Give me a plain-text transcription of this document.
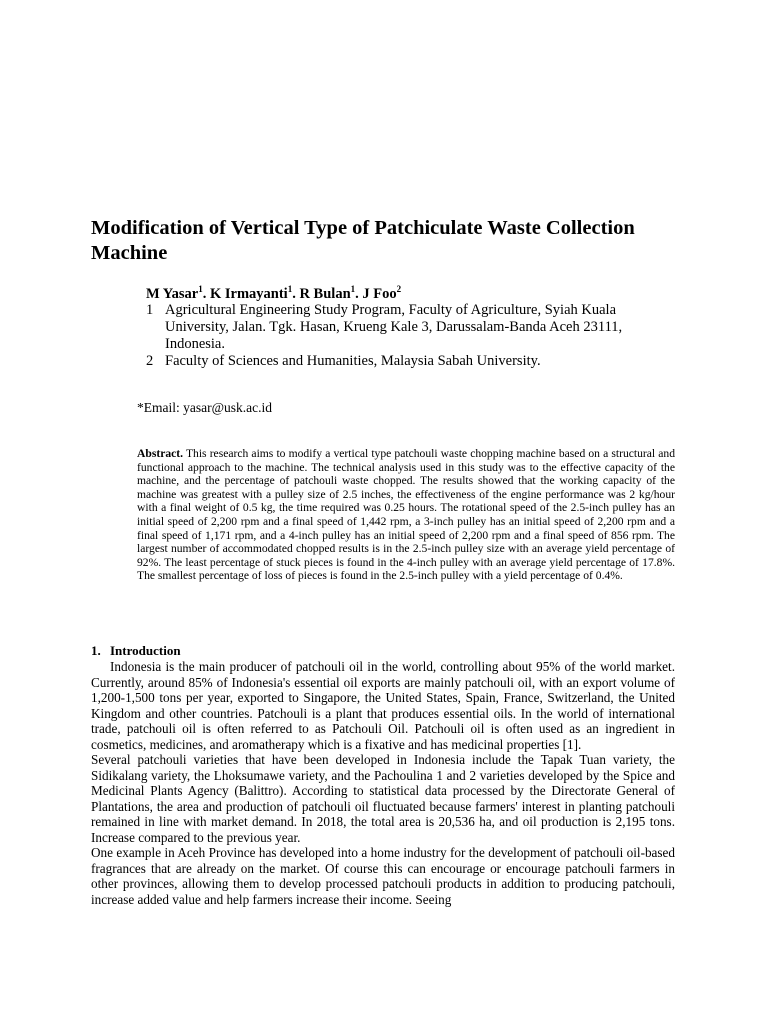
Modification of Vertical Type of Patchiculate Waste Collection Machine
M Yasar$^1$. K Irmayanti$^1$. R Bulan$^1$. J Foo$^2$
1 Agricultural Engineering Study Program, Faculty of Agriculture, Syiah Kuala University, Jalan. Tgk. Hasan, Krueng Kale 3, Darussalam-Banda Aceh 23111, Indonesia.
2 Faculty of Sciences and Humanities, Malaysia Sabah University.
*Email: yasar@usk.ac.id

Abstract. This research aims to modify a vertical type patchouli waste chopping machine based on a structural and functional approach to the machine. The technical analysis used in this study was to the effective capacity of the machine, and the percentage of patchouli waste chopped. The results showed that the working capacity of the machine was greatest with a pulley size of 2.5 inches, the effectiveness of the engine performance was 2 kg/hour with a final weight of 0.5 kg, the time required was 0.25 hours. The rotational speed of the 2.5-inch pulley has an initial speed of 2,200 rpm and a final speed of 1,442 rpm, a 3-inch pulley has an initial speed of 2,200 rpm and a final speed of 1,171 rpm, and a 4-inch pulley has an initial speed of 2,200 rpm and a final speed of 856 rpm. The largest number of accommodated chopped results is in the 2.5-inch pulley size with an average yield percentage of 92%. The least percentage of stuck pieces is found in the 4-inch pulley with an average yield percentage of 17.8%. The smallest percentage of loss of pieces is found in the 2.5-inch pulley with a yield percentage of 0.4%.

1. Introduction

Indonesia is the main producer of patchouli oil in the world, controlling about 95% of the world market. Currently, around 85% of Indonesia's essential oil exports are mainly patchouli oil, with an export volume of 1,200-1,500 tons per year, exported to Singapore, the United States, Spain, France, Switzerland, the United Kingdom and other countries. Patchouli is a plant that produces essential oils. In the world of international trade, patchouli oil is often referred to as Patchouli Oil. Patchouli oil is often used as an ingredient in cosmetics, medicines, and aromatherapy which is a fixative and has medicinal properties [1].

Several patchouli varieties that have been developed in Indonesia include the Tapak Tuan variety, the Sidikalang variety, the Lhoksumawe variety, and the Pachoulina 1 and 2 varieties developed by the Spice and Medicinal Plants Agency (Balittro). According to statistical data processed by the Directorate General of Plantations, the area and production of patchouli oil fluctuated because farmers' interest in planting patchouli remained in line with market demand. In 2018, the total area is 20,536 ha, and oil production is 2,195 tons. Increase compared to the previous year.

One example in Aceh Province has developed into a home industry for the development of patchouli oil-based fragrances that are already on the market. Of course this can encourage or encourage patchouli farmers in other provinces, allowing them to develop processed patchouli products in addition to producing patchouli, increase added value and help farmers increase their income. Seeing
